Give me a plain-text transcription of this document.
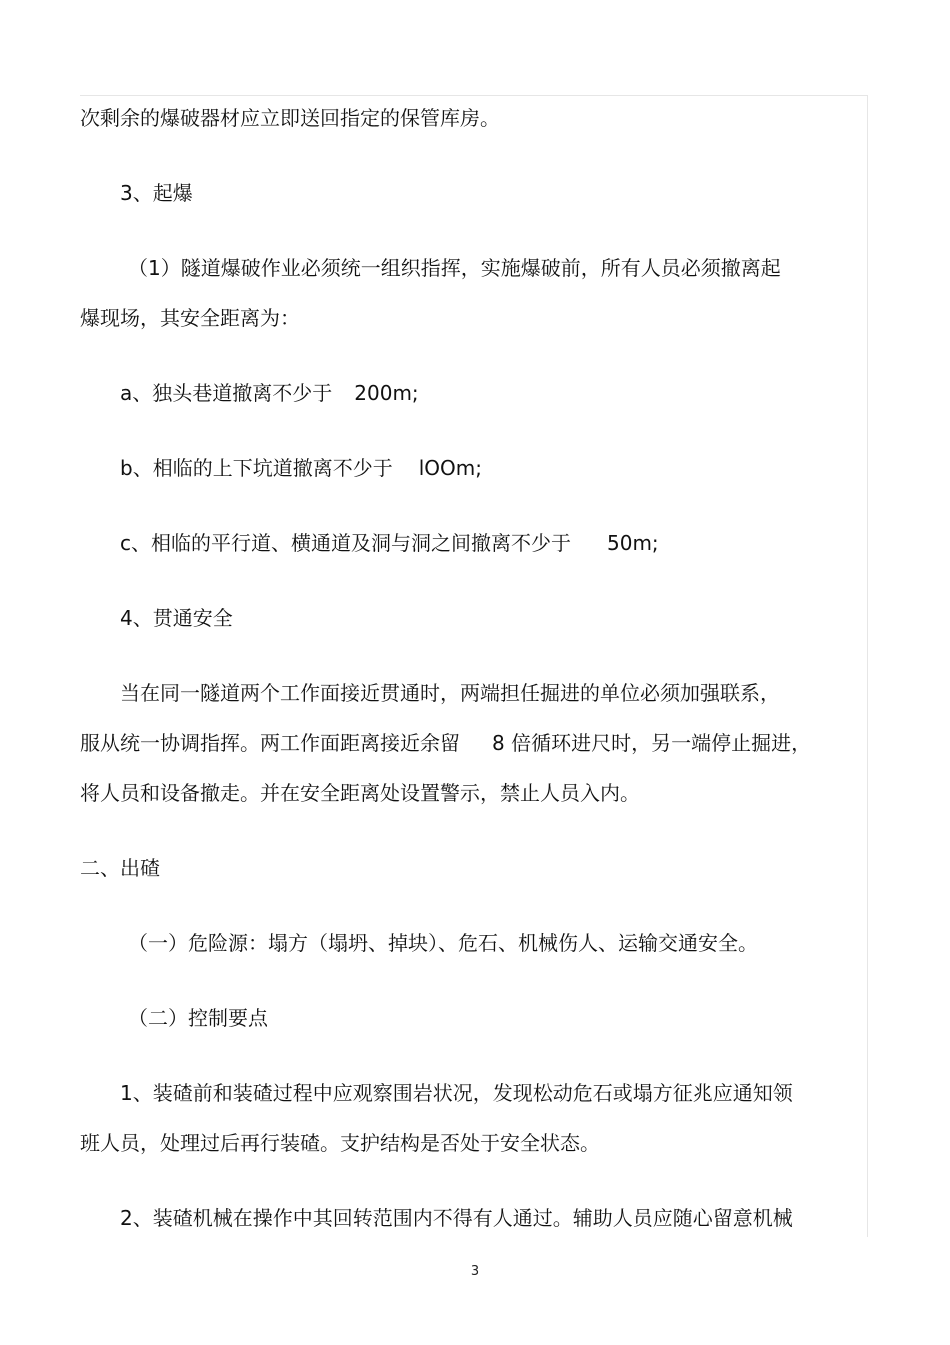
次剩余的爆破器材应立即送回指定的保管库房。
3、起爆
（1）隧道爆破作业必须统一组织指挥，实施爆破前，所有人员必须撤离起
爆现场，其安全距离为：
a、独头巷道撤离不少于 200m;
b、相临的上下坑道撤离不少于 lOOm;
c、相临的平行道、横通道及洞与洞之间撤离不少于 50m;
4、贯通安全
当在同一隧道两个工作面接近贯通时，两端担任掘进的单位必须加强联系，
服从统一协调指挥。两工作面距离接近余留 8 倍循环进尺时，另一端停止掘进，
将人员和设备撤走。并在安全距离处设置警示，禁止人员入内。
二、出碴
（一）危险源：塌方（塌坍、掉块）、危石、机械伤人、运输交通安全。
（二）控制要点
1、装碴前和装碴过程中应观察围岩状况，发现松动危石或塌方征兆应通知领
班人员，处理过后再行装碴。支护结构是否处于安全状态。
2、装碴机械在操作中其回转范围内不得有人通过。辅助人员应随心留意机械
3
